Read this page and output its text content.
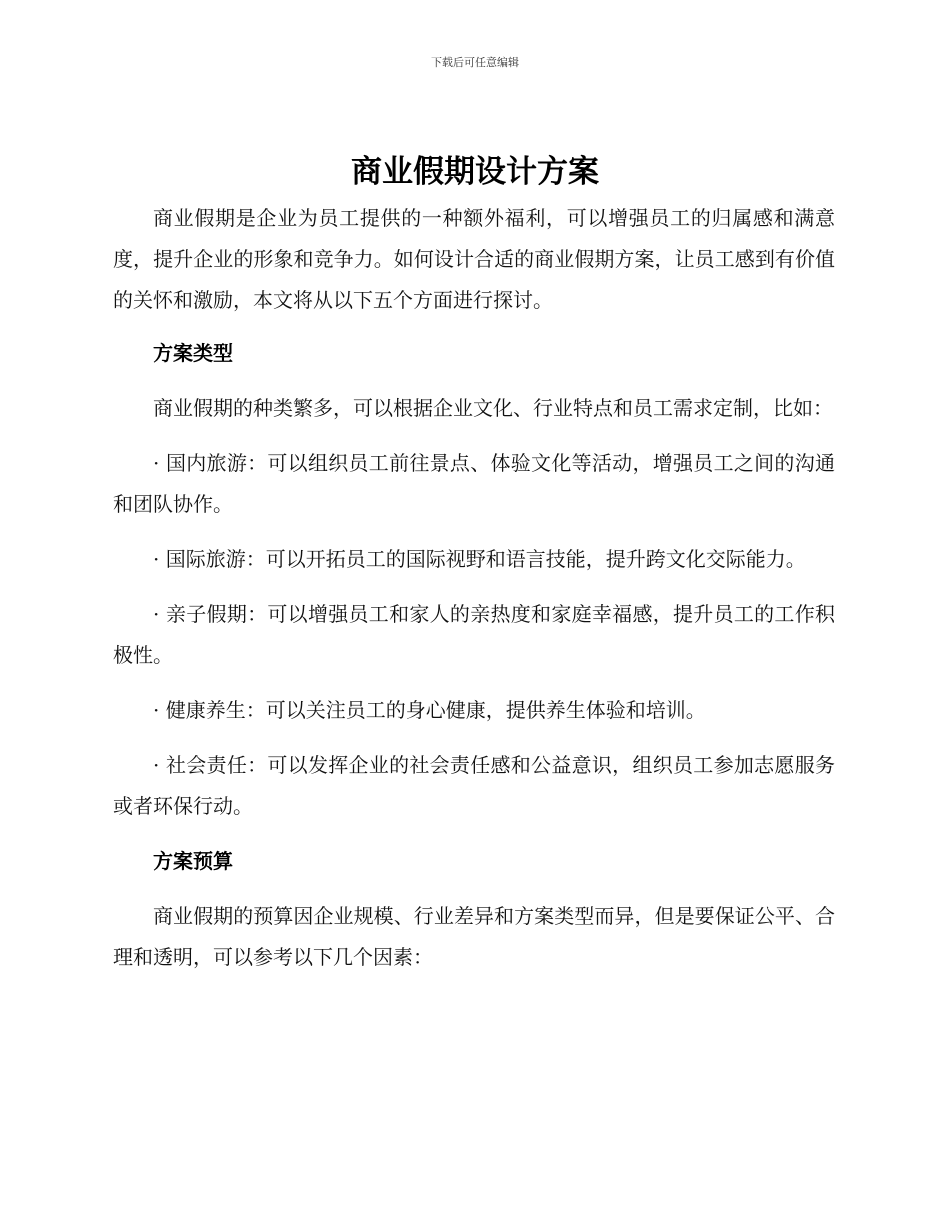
下载后可任意编辑
商业假期设计方案

商业假期是企业为员工提供的一种额外福利，可以增强员工的归属感和满意度，提升企业的形象和竞争力。如何设计合适的商业假期方案，让员工感到有价值的关怀和激励，本文将从以下五个方面进行探讨。

方案类型

商业假期的种类繁多，可以根据企业文化、行业特点和员工需求定制，比如：

· 国内旅游：可以组织员工前往景点、体验文化等活动，增强员工之间的沟通和团队协作。

· 国际旅游：可以开拓员工的国际视野和语言技能，提升跨文化交际能力。

· 亲子假期：可以增强员工和家人的亲热度和家庭幸福感，提升员工的工作积极性。

· 健康养生：可以关注员工的身心健康，提供养生体验和培训。

· 社会责任：可以发挥企业的社会责任感和公益意识，组织员工参加志愿服务或者环保行动。

方案预算

商业假期的预算因企业规模、行业差异和方案类型而异，但是要保证公平、合理和透明，可以参考以下几个因素：
